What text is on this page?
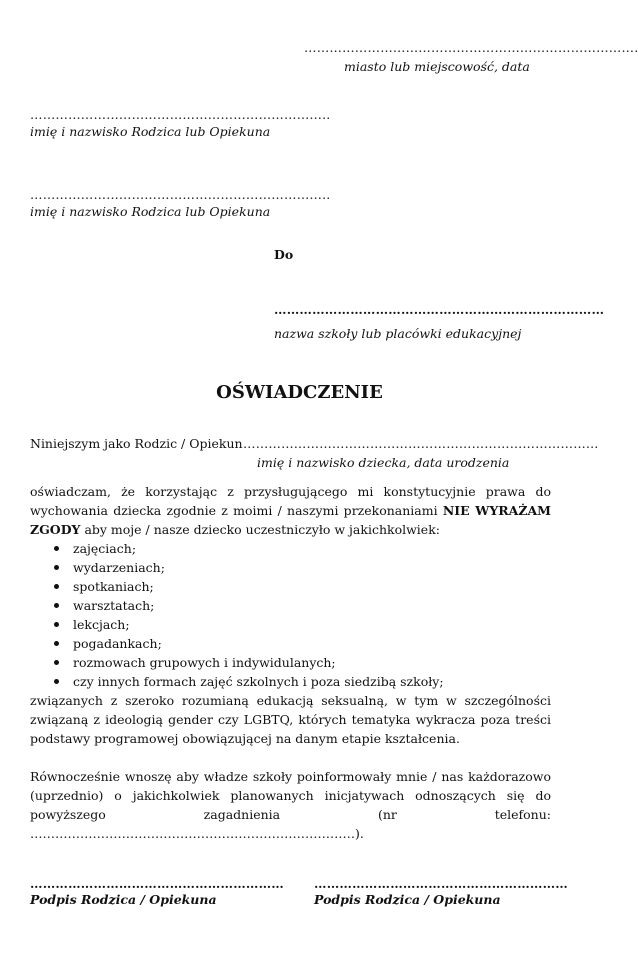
…………………………………………………………………….
miasto lub miejscowość, data
……………………………………………………………..
imię i nazwisko Rodzica lub Opiekuna
……………………………………………………………..
imię i nazwisko Rodzica lub Opiekuna
Do
……………………………………………………………………
nazwa szkoły lub placówki edukacyjnej
OŚWIADCZENIE
Niniejszym jako Rodzic / Opiekun …………………………………………………………………………
imię i nazwisko dziecka, data urodzenia

oświadczam, że korzystając z przysługującego mi konstytucyjnie prawa do wychowania dziecka zgodnie z moimi / naszymi przekonaniami NIE WYRAŻAM ZGODY aby moje / nasze dziecko uczestniczyło w jakichkolwiek:

zajęciach;
wydarzeniach;
spotkaniach;
warsztatach;
lekcjach;
pogadankach;
rozmowach grupowych i indywidulanych;
czy innych formach zajęć szkolnych i poza siedzibą szkoły;

związanych z szeroko rozumianą edukacją seksualną, w tym w szczególności związaną z ideologią gender czy LGBTQ, których tematyka wykracza poza treści podstawy programowej obowiązującej na danym etapie kształcenia.

Równocześnie wnoszę aby władze szkoły poinformowały mnie / nas każdorazowo (uprzednio) o jakichkolwiek planowanych inicjatywach odnoszących się do powyższego zagadnienia (nr telefonu: ……………………………………………………………………).

……………………………………………………
Podpis Rodzica / Opiekuna
……………………………………………………
Podpis Rodzica / Opiekuna
